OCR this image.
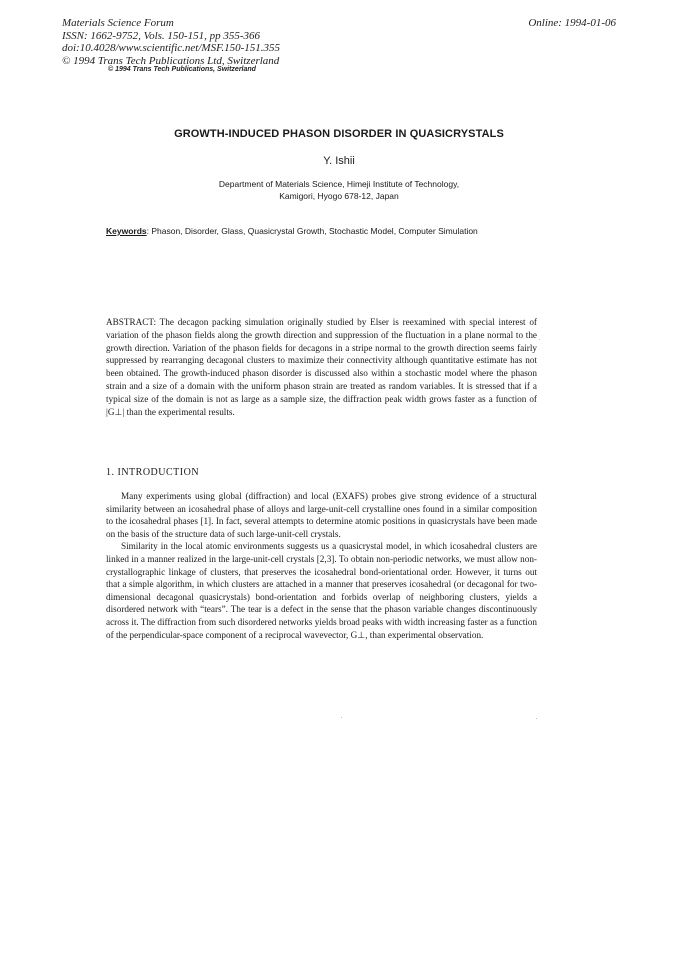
Materials Science Forum
ISSN: 1662-9752, Vols. 150-151, pp 355-366
doi:10.4028/www.scientific.net/MSF.150-151.355
© 1994 Trans Tech Publications Ltd, Switzerland
Online: 1994-01-06
© 1994 Trans Tech Publications, Switzerland
GROWTH-INDUCED PHASON DISORDER IN QUASICRYSTALS
Y. Ishii
Department of Materials Science, Himeji Institute of Technology,
Kamigori, Hyogo 678-12, Japan
Keywords: Phason, Disorder, Glass, Quasicrystal Growth, Stochastic Model, Computer Simulation
ABSTRACT: The decagon packing simulation originally studied by Elser is reexamined with special interest of variation of the phason fields along the growth direction and suppression of the fluctuation in a plane normal to the growth direction. Variation of the phason fields for decagons in a stripe normal to the growth direction seems fairly suppressed by rearranging decagonal clusters to maximize their connectivity although quantitative estimate has not been obtained. The growth-induced phason disorder is discussed also within a stochastic model where the phason strain and a size of a domain with the uniform phason strain are treated as random variables. It is stressed that if a typical size of the domain is not as large as a sample size, the diffraction peak width grows faster as a function of |G⊥| than the experimental results.
1. INTRODUCTION

Many experiments using global (diffraction) and local (EXAFS) probes give strong evidence of a structural similarity between an icosahedral phase of alloys and large-unit-cell crystalline ones found in a similar composition to the icosahedral phases [1]. In fact, several attempts to determine atomic positions in quasicrystals have been made on the basis of the structure data of such large-unit-cell crystals.

Similarity in the local atomic environments suggests us a quasicrystal model, in which icosahedral clusters are linked in a manner realized in the large-unit-cell crystals [2,3]. To obtain non-periodic networks, we must allow non-crystallographic linkage of clusters, that preserves the icosahedral bond-orientational order. However, it turns out that a simple algorithm, in which clusters are attached in a manner that preserves icosahedral (or decagonal for two-dimensional decagonal quasicrystals) bond-orientation and forbids overlap of neighboring clusters, yields a disordered network with “tears”. The tear is a defect in the sense that the phason variable changes discontinuously across it. The diffraction from such disordered networks yields broad peaks with width increasing faster as a function of the perpendicular-space component of a reciprocal wavevector, G⊥, than experimental observation.
